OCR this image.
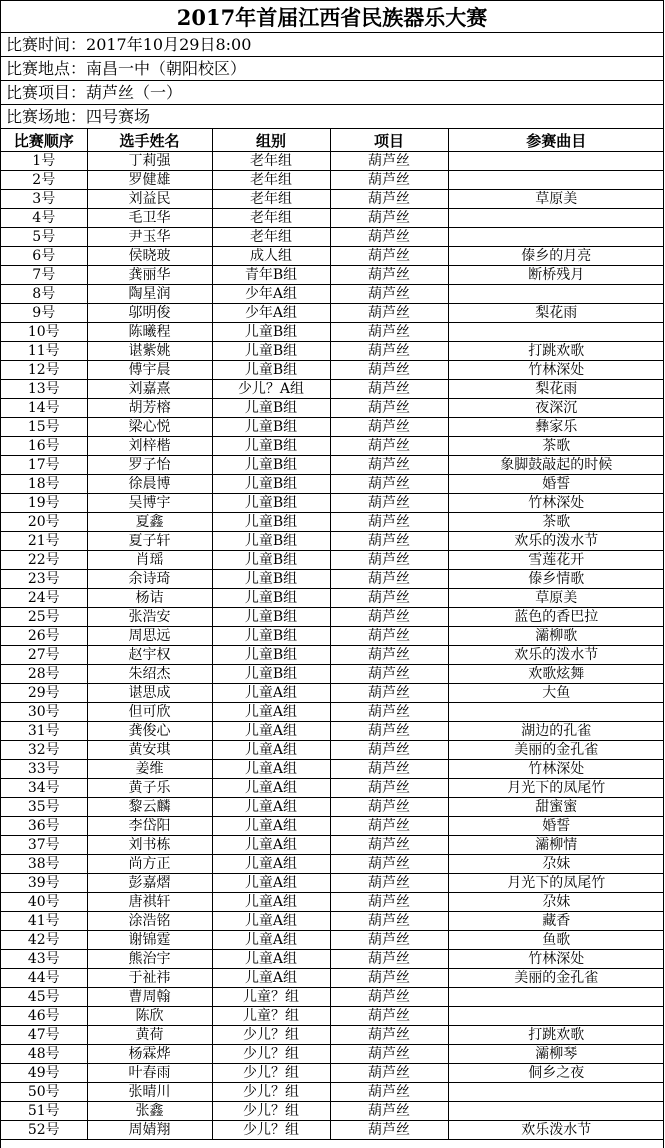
2017年首届江西省民族器乐大赛
比赛时间：2017年10月29日8:00
比赛地点：南昌一中（朝阳校区）
比赛项目：葫芦丝（一）
比赛场地：四号赛场
比赛顺序	选手姓名	组别	项目	参赛曲目
1号	丁莉强	老年组	葫芦丝	
2号	罗健雄	老年组	葫芦丝	
3号	刘益民	老年组	葫芦丝	草原美
4号	毛卫华	老年组	葫芦丝	
5号	尹玉华	老年组	葫芦丝	
6号	侯晓玻	成人组	葫芦丝	傣乡的月亮
7号	龚丽华	青年B组	葫芦丝	断桥残月
8号	陶星润	少年A组	葫芦丝	
9号	邬明俊	少年A组	葫芦丝	梨花雨
10号	陈曦程	儿童B组	葫芦丝	
11号	谌紫姚	儿童B组	葫芦丝	打跳欢歌
12号	傅宇晨	儿童B组	葫芦丝	竹林深处
13号	刘嘉熹	少儿？A组	葫芦丝	梨花雨
14号	胡芳榕	儿童B组	葫芦丝	夜深沉
15号	梁心悦	儿童B组	葫芦丝	彝家乐
16号	刘梓楷	儿童B组	葫芦丝	茶歌
17号	罗子怡	儿童B组	葫芦丝	象脚鼓敲起的时候
18号	徐晨博	儿童B组	葫芦丝	婚誓
19号	吴博宇	儿童B组	葫芦丝	竹林深处
20号	夏鑫	儿童B组	葫芦丝	茶歌
21号	夏子轩	儿童B组	葫芦丝	欢乐的泼水节
22号	肖瑶	儿童B组	葫芦丝	雪莲花开
23号	余诗琦	儿童B组	葫芦丝	傣乡情歌
24号	杨诘	儿童B组	葫芦丝	草原美
25号	张浩安	儿童B组	葫芦丝	蓝色的香巴拉
26号	周思远	儿童B组	葫芦丝	灞柳歌
27号	赵宇权	儿童B组	葫芦丝	欢乐的泼水节
28号	朱绍杰	儿童B组	葫芦丝	欢歌炫舞
29号	谌思成	儿童A组	葫芦丝	大鱼
30号	但可欣	儿童A组	葫芦丝	
31号	龚俊心	儿童A组	葫芦丝	湖边的孔雀
32号	黄安琪	儿童A组	葫芦丝	美丽的金孔雀
33号	姜维	儿童A组	葫芦丝	竹林深处
34号	黄子乐	儿童A组	葫芦丝	月光下的凤尾竹
35号	黎云麟	儿童A组	葫芦丝	甜蜜蜜
36号	李岱阳	儿童A组	葫芦丝	婚誓
37号	刘书栋	儿童A组	葫芦丝	灞柳情
38号	尚方正	儿童A组	葫芦丝	尕妹
39号	彭嘉熠	儿童A组	葫芦丝	月光下的凤尾竹
40号	唐祺轩	儿童A组	葫芦丝	尕妹
41号	涂浩铭	儿童A组	葫芦丝	藏香
42号	谢锦霆	儿童A组	葫芦丝	鱼歌
43号	熊治宇	儿童A组	葫芦丝	竹林深处
44号	于祉祎	儿童A组	葫芦丝	美丽的金孔雀
45号	曹周翰	儿童？组	葫芦丝	
46号	陈欣	儿童？组	葫芦丝	
47号	黄荷	少儿？组	葫芦丝	打跳欢歌
48号	杨霖烨	少儿？组	葫芦丝	灞柳琴
49号	叶春雨	少儿？组	葫芦丝	侗乡之夜
50号	张晴川	少儿？组	葫芦丝	
51号	张鑫	少儿？组	葫芦丝	
52号	周婧翔	少儿？组	葫芦丝	欢乐泼水节
